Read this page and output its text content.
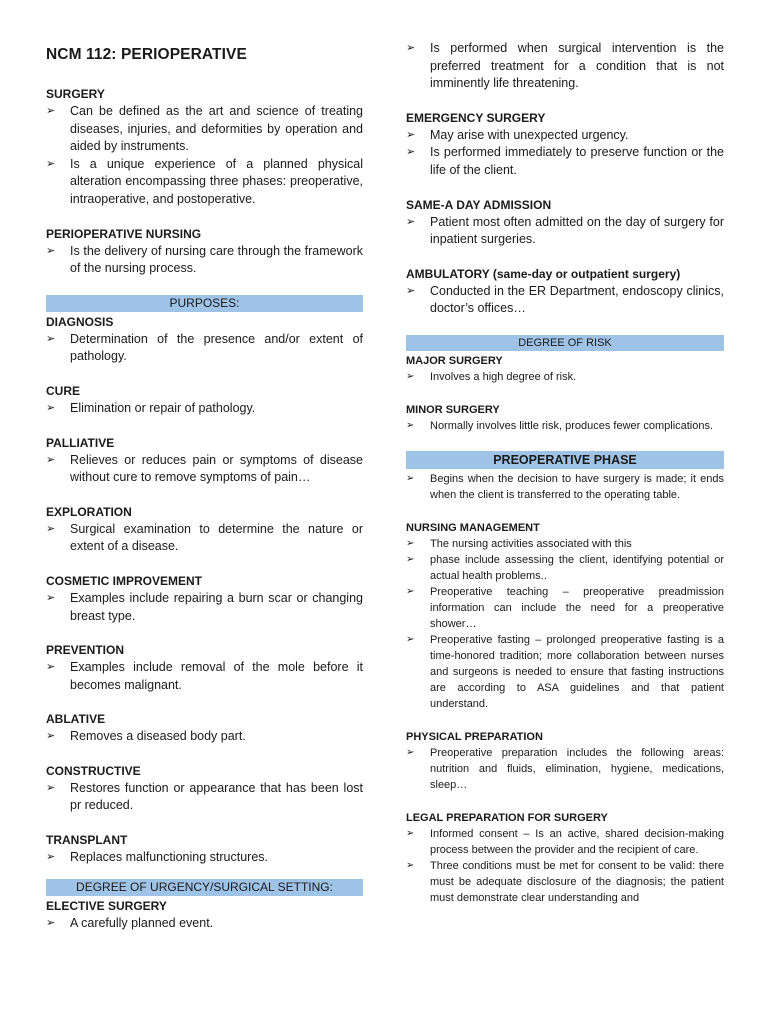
NCM 112: PERIOPERATIVE
SURGERY
➢	Can be defined as the art and science of treating diseases, injuries, and deformities by operation and aided by instruments.
➢	Is a unique experience of a planned physical alteration encompassing three phases: preoperative, intraoperative, and postoperative.
PERIOPERATIVE NURSING
➢	Is the delivery of nursing care through the framework of the nursing process.
PURPOSES:
DIAGNOSIS
➢	Determination of the presence and/or extent of pathology.
CURE
➢	Elimination or repair of pathology.
PALLIATIVE
➢	Relieves or reduces pain or symptoms of disease without cure to remove symptoms of pain…
EXPLORATION
➢	Surgical examination to determine the nature or extent of a disease.
COSMETIC IMPROVEMENT
➢	Examples include repairing a burn scar or changing breast type.
PREVENTION
➢	Examples include removal of the mole before it becomes malignant.
ABLATIVE
➢	Removes a diseased body part.
CONSTRUCTIVE
➢	Restores function or appearance that has been lost pr reduced.
TRANSPLANT
➢	Replaces malfunctioning structures.
DEGREE OF URGENCY/SURGICAL SETTING:
ELECTIVE SURGERY
➢	A carefully planned event.
➢	Is performed when surgical intervention is the preferred treatment for a condition that is not imminently life threatening.
EMERGENCY SURGERY
➢	May arise with unexpected urgency.
➢	Is performed immediately to preserve function or the life of the client.
SAME-A DAY ADMISSION
➢	Patient most often admitted on the day of surgery for inpatient surgeries.
AMBULATORY (same-day or outpatient surgery)
➢	Conducted in the ER Department, endoscopy clinics, doctor’s offices…
DEGREE OF RISK
MAJOR SURGERY
➢	Involves a high degree of risk.
MINOR SURGERY
➢	Normally involves little risk, produces fewer complications.
PREOPERATIVE PHASE
➢	Begins when the decision to have surgery is made; it ends when the client is transferred to the operating table.
NURSING MANAGEMENT
➢	The nursing activities associated with this
➢	phase include assessing the client, identifying potential or actual health problems..
➢	Preoperative teaching – preoperative preadmission information can include the need for a preoperative shower…
➢	Preoperative fasting – prolonged preoperative fasting is a time-honored tradition; more collaboration between nurses and surgeons is needed to ensure that fasting instructions are according to ASA guidelines and that patient understand.
PHYSICAL PREPARATION
➢	Preoperative preparation includes the following areas: nutrition and fluids, elimination, hygiene, medications, sleep…
LEGAL PREPARATION FOR SURGERY
➢	Informed consent – Is an active, shared decision-making process between the provider and the recipient of care.
➢	Three conditions must be met for consent to be valid: there must be adequate disclosure of the diagnosis; the patient must demonstrate clear understanding and
